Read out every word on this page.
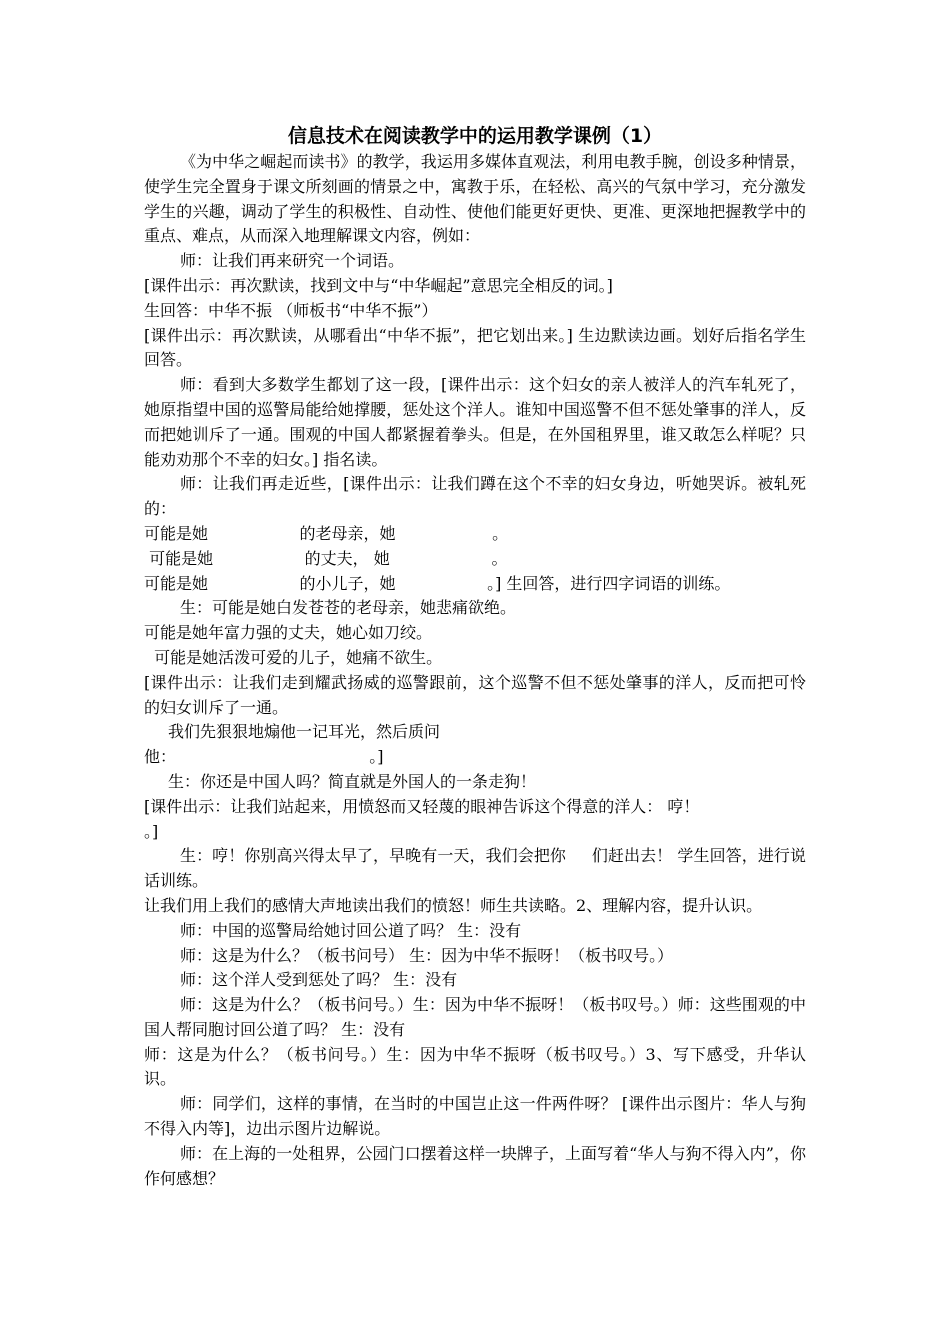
信息技术在阅读教学中的运用教学课例（1）

《为中华之崛起而读书》的教学，我运用多媒体直观法，利用电教手腕，创设多种情景，使学生完全置身于课文所刻画的情景之中，寓教于乐，在轻松、高兴的气氛中学习，充分激发学生的兴趣，调动了学生的积极性、自动性、使他们能更好更快、更准、更深地把握教学中的重点、难点，从而深入地理解课文内容，例如：

师：让我们再来研究一个词语。

[课件出示：再次默读，找到文中与“中华崛起”意思完全相反的词。]

生回答：中华不振 （师板书“中华不振”）

[课件出示：再次默读，从哪看出“中华不振”，把它划出来。] 生边默读边画。划好后指名学生回答。

师：看到大多数学生都划了这一段，[课件出示：这个妇女的亲人被洋人的汽车轧死了，她原指望中国的巡警局能给她撑腰，惩处这个洋人。谁知中国巡警不但不惩处肇事的洋人，反而把她训斥了一通。围观的中国人都紧握着拳头。但是，在外国租界里，谁又敢怎么样呢？只能劝劝那个不幸的妇女。] 指名读。

师：让我们再走近些，[课件出示：让我们蹲在这个不幸的妇女身边，听她哭诉。被轧死的：

可能是她                  的老母亲，她                   。

可能是她                  的丈夫， 她                    。

可能是她                  的小儿子，她                  。] 生回答，进行四字词语的训练。

生：可能是她白发苍苍的老母亲，她悲痛欲绝。

可能是她年富力强的丈夫，她心如刀绞。

可能是她活泼可爱的儿子，她痛不欲生。

[课件出示：让我们走到耀武扬威的巡警跟前，这个巡警不但不惩处肇事的洋人，反而把可怜的妇女训斥了一通。

我们先狠狠地煽他一记耳光，然后质问

他：                                      。]

生：你还是中国人吗？简直就是外国人的一条走狗！

[课件出示：让我们站起来，用愤怒而又轻蔑的眼神告诉这个得意的洋人： 哼！

。]

生：哼！你别高兴得太早了，早晚有一天，我们会把你     们赶出去！ 学生回答，进行说话训练。

让我们用上我们的感情大声地读出我们的愤怒！师生共读略。2、理解内容，提升认识。

师：中国的巡警局给她讨回公道了吗？ 生：没有

师：这是为什么？（板书问号） 生：因为中华不振呀！（板书叹号。）

师：这个洋人受到惩处了吗？ 生：没有

师：这是为什么？（板书问号。）生：因为中华不振呀！（板书叹号。）师：这些围观的中国人帮同胞讨回公道了吗？ 生：没有

师：这是为什么？（板书问号。）生：因为中华不振呀（板书叹号。）3、写下感受，升华认识。

师：同学们，这样的事情，在当时的中国岂止这一件两件呀？ [课件出示图片：华人与狗不得入内等]，边出示图片边解说。

师：在上海的一处租界，公园门口摆着这样一块牌子，上面写着“华人与狗不得入内”，你作何感想？
